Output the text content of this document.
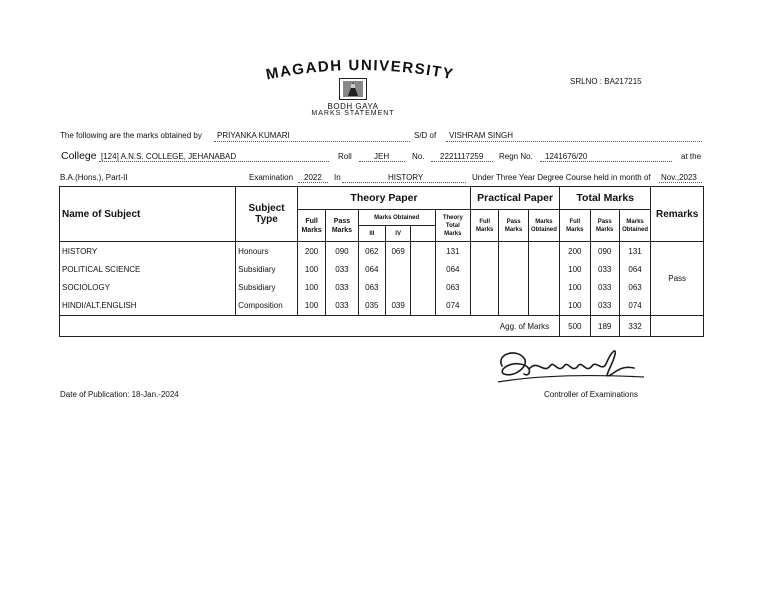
MAGADH UNIVERSITY
BODH GAYA
MARKS STATEMENT
SRLNO : BA217215
The following are the marks obtained by PRIYANKA KUMARI	S/D of VISHRAM SINGH
College [124] A.N.S. COLLEGE, JEHANABAD	Roll	JEH	No. 2221117259 Regn No. 1241676/20	at the
B.A.(Hons.), Part-II	Examination 2022 In	HISTORY	Under Three Year Degree Course held in month of Nov.,2023
Name of Subject	Subject Type	Theory Paper						Practical Paper			Total Marks			Remarks
		Full Marks	Pass Marks	Marks Obtained			Theory Total Marks	Full Marks	Pass Marks	Marks Obtained	Full Marks	Pass Marks	Marks Obtained	
				III	IV									
HISTORY	Honours	200	090	062	069		131				200	090	131	Pass
POLITICAL SCIENCE	Subsidiary	100	033	064			064				100	033	064	
SOCIOLOGY	Subsidiary	100	033	063			063				100	033	063	
HINDI/ALT.ENGLISH	Composition	100	033	035	039		074				100	033	074	
Agg. of Marks											500	189	332	
Date of Publication: 18-Jan.-2024	Controller of Examinations
